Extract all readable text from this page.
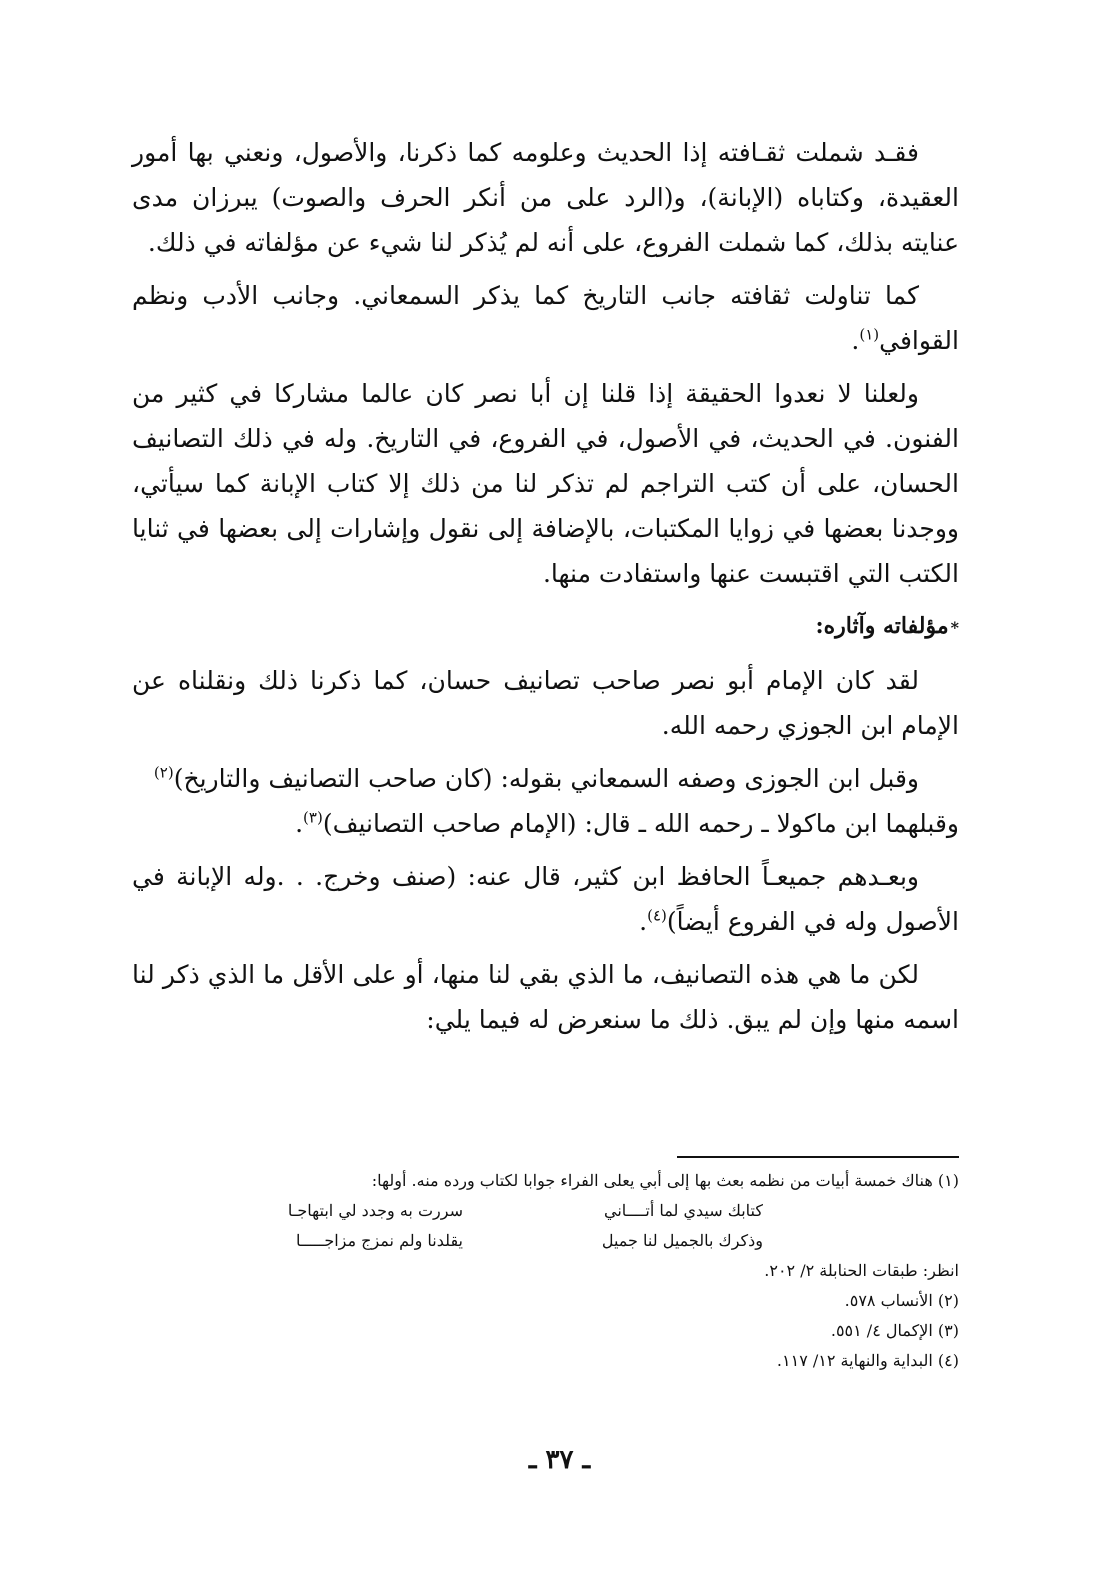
فقـد شملت ثقـافته إذا الحديث وعلومه كما ذكرنا، والأصول، ونعني بها أمور العقيدة، وكتاباه (الإبانة)، و(الرد على من أنكر الحرف والصوت) يبرزان مدى عنايته بذلك، كما شملت الفروع، على أنه لم يُذكر لنا شيء عن مؤلفاته في ذلك.

كما تناولت ثقافته جانب التاريخ كما يذكر السمعاني. وجانب الأدب ونظم القوافي$^{(١)}$.

ولعلنا لا نعدوا الحقيقة إذا قلنا إن أبا نصر كان عالما مشاركا في كثير من الفنون. في الحديث، في الأصول، في الفروع، في التاريخ. وله في ذلك التصانيف الحسان، على أن كتب التراجم لم تذكر لنا من ذلك إلا كتاب الإبانة كما سيأتي، ووجدنا بعضها في زوايا المكتبات، بالإضافة إلى نقول وإشارات إلى بعضها في ثنايا الكتب التي اقتبست عنها واستفادت منها.

*مؤلفاته وآثاره:

لقد كان الإمام أبو نصر صاحب تصانيف حسان، كما ذكرنا ذلك ونقلناه عن الإمام ابن الجوزي رحمه الله.

وقبل ابن الجوزى وصفه السمعاني بقوله: (كان صاحب التصانيف والتاريخ)$^{(٢)}$
وقبلهما ابن ماكولا ـ رحمه الله ـ قال: (الإمام صاحب التصانيف)$^{(٣)}$.

وبعـدهم جميعـاً الحافظ ابن كثير، قال عنه: (صنف وخرج. . .وله الإبانة في الأصول وله في الفروع أيضاً)$^{(٤)}$.

لكن ما هي هذه التصانيف، ما الذي بقي لنا منها، أو على الأقل ما الذي ذكر لنا اسمه منها وإن لم يبق. ذلك ما سنعرض له فيما يلي:

(١) هناك خمسة أبيات من نظمه بعث بها إلى أبي يعلى الفراء جوابا لكتاب ورده منه. أولها:

كتابك سيدي لما أتــــاني
سررت به وجدد لي ابتهاجـا
وذكرك بالجميل لنا جميل
يقلدنا ولم نمزج مزاجـــــا

انظر: طبقات الحنابلة ٢/ ٢٠٢.

(٢) الأنساب ٥٧٨.

(٣) الإكمال ٤/ ٥٥١.

(٤) البداية والنهاية ١٢/ ١١٧.

ـ ٣٧ ـ
